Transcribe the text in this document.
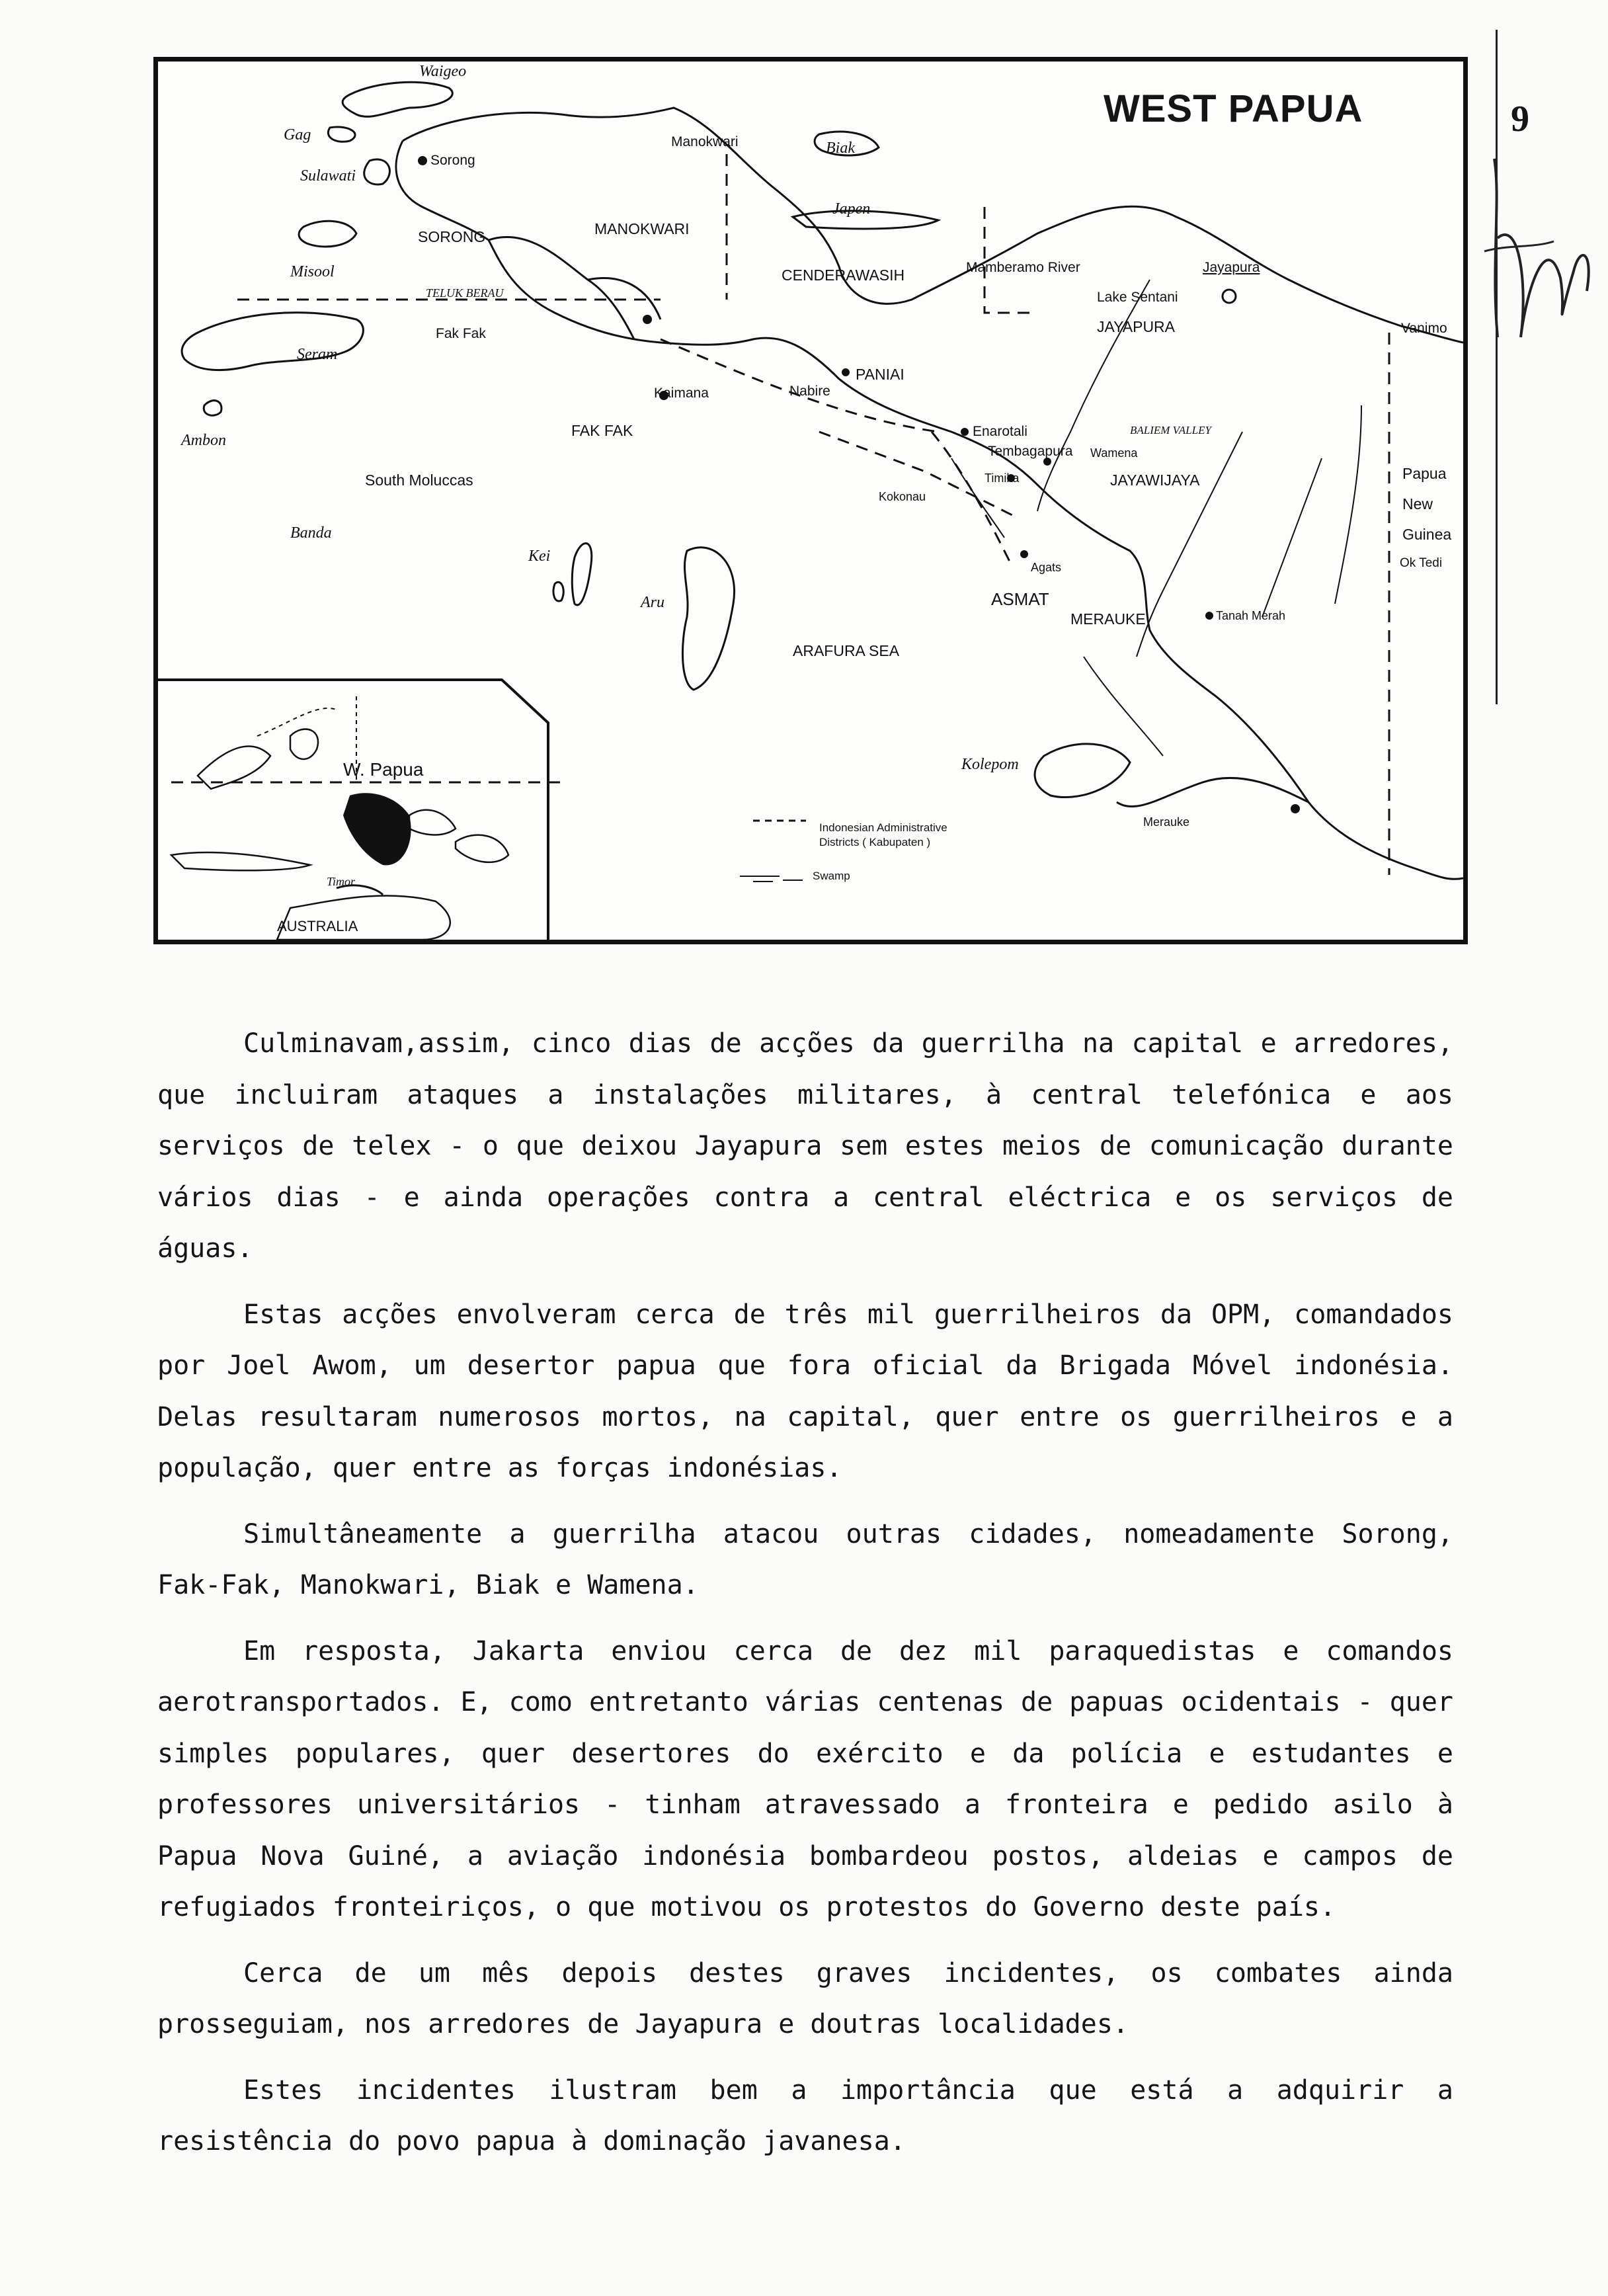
9
WEST PAPUA
Waigeo
Gag
Sulawati
Sorong
SORONG
Manokwari
MANOKWARI
Biak
Japen
Misool
TELUK BERAU
Fak Fak
FAK FAK
CENDERAWASIH	Mamberamo River	Jayapura
Lake Sentani
JAYAPURA	Vanimo
Seram
Ambon
Kaimana	Nabire
PANIAI
Enarotali	BALIEM VALLEY
Tembagapura Wamena
Timika
Kokonau
JAYAWIJAYA	Papua New Guinea
Ok Tedi
South Moluccas
Banda
Kei
Aru
Agats
ASMAT
MERAUKE	Tanah Merah
ARAFURA SEA
Kolepom
Merauke
W. Papua
Timor
AUSTRALIA
Indonesian Administrative
Districts ( Kabupaten )
Swamp

Culminavam,assim, cinco dias de acções da guerrilha na capital e arredores, que incluiram ataques a instalações militares, à central telefónica e aos serviços de telex - o que deixou Jayapura sem estes meios de comunicação durante vários dias - e ainda operações contra a central eléctrica e os serviços de águas.

Estas acções envolveram cerca de três mil guerrilheiros da OPM, comandados por Joel Awom, um desertor papua que fora oficial da Brigada Móvel indonésia. Delas resultaram numerosos mortos, na capital, quer entre os guerrilheiros e a população, quer entre as forças indonésias.

Simultâneamente a guerrilha atacou outras cidades, nomeadamente Sorong, Fak-Fak, Manokwari, Biak e Wamena.

Em resposta, Jakarta enviou cerca de dez mil paraquedistas e comandos aerotransportados. E, como entretanto várias centenas de papuas ocidentais - quer simples populares, quer desertores do exército e da polícia e estudantes e professores universitários - tinham atravessado a fronteira e pedido asilo à Papua Nova Guiné, a aviação indonésia bombardeou postos, aldeias e campos de refugiados fronteiriços, o que motivou os protestos do Governo deste país.

Cerca de um mês depois destes graves incidentes, os combates ainda prosseguiam, nos arredores de Jayapura e doutras localidades.

Estes incidentes ilustram bem a importância que está a adquirir a resistência do povo papua à dominação javanesa.
